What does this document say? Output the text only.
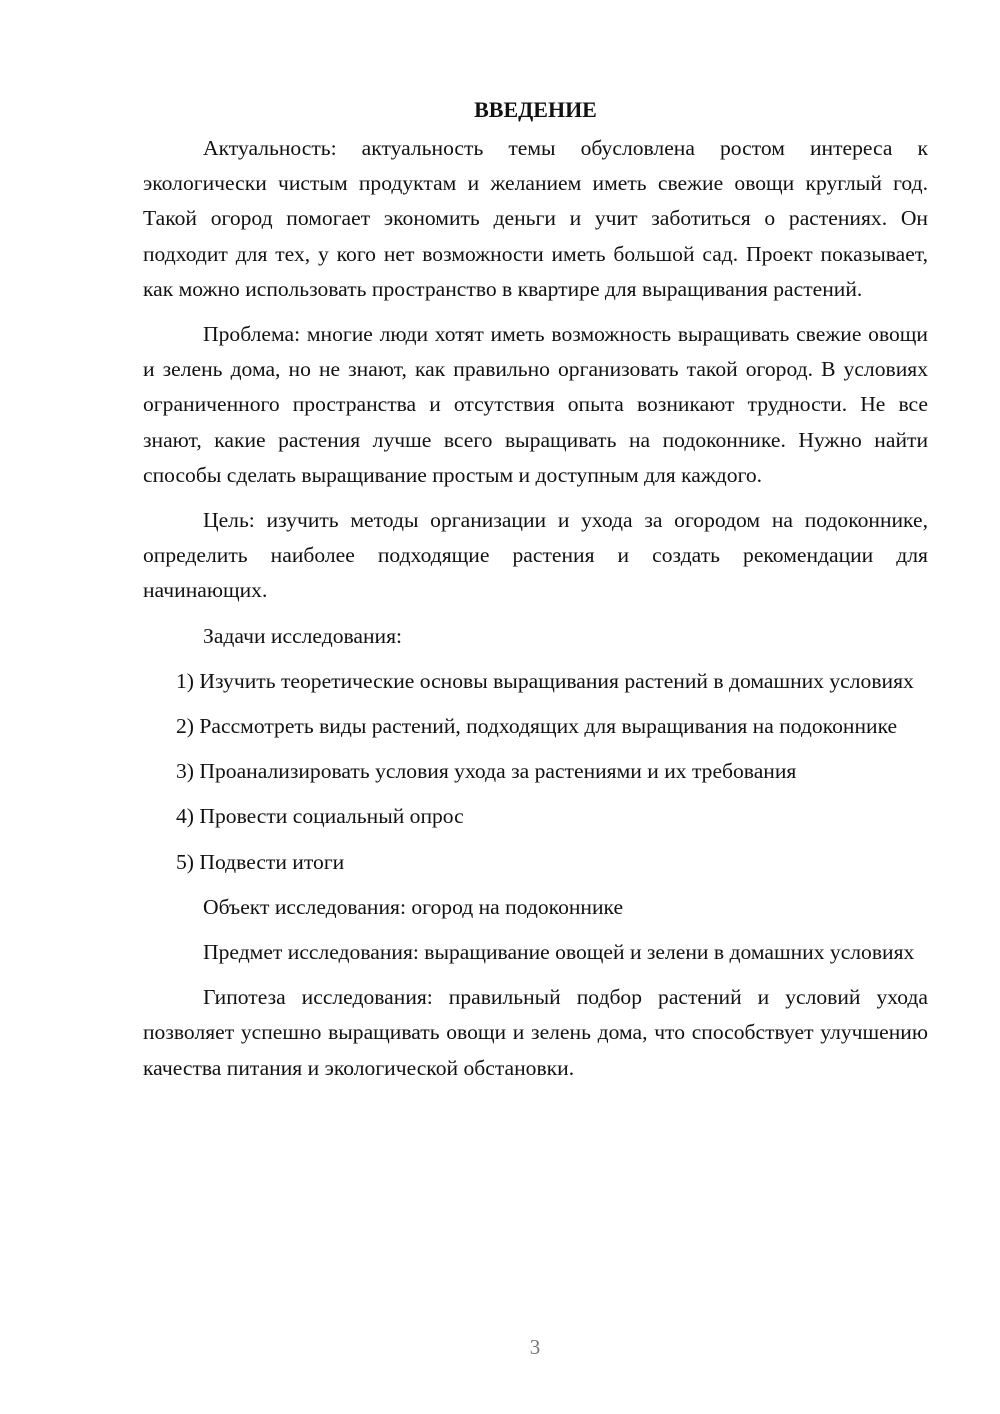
ВВЕДЕНИЕ

Актуальность: актуальность темы обусловлена ростом интереса к экологически чистым продуктам и желанием иметь свежие овощи круглый год. Такой огород помогает экономить деньги и учит заботиться о растениях. Он подходит для тех, у кого нет возможности иметь большой сад. Проект показывает, как можно использовать пространство в квартире для выращивания растений.

Проблема: многие люди хотят иметь возможность выращивать свежие овощи и зелень дома, но не знают, как правильно организовать такой огород. В условиях ограниченного пространства и отсутствия опыта возникают трудности. Не все знают, какие растения лучше всего выращивать на подоконнике. Нужно найти способы сделать выращивание простым и доступным для каждого.

Цель: изучить методы организации и ухода за огородом на подоконнике, определить наиболее подходящие растения и создать рекомендации для начинающих.

Задачи исследования:

1) Изучить теоретические основы выращивания растений в домашних условиях

2) Рассмотреть виды растений, подходящих для выращивания на подоконнике

3) Проанализировать условия ухода за растениями и их требования

4) Провести социальный опрос

5) Подвести итоги

Объект исследования: огород на подоконнике

Предмет исследования: выращивание овощей и зелени в домашних условиях

Гипотеза исследования: правильный подбор растений и условий ухода позволяет успешно выращивать овощи и зелень дома, что способствует улучшению качества питания и экологической обстановки.

3
